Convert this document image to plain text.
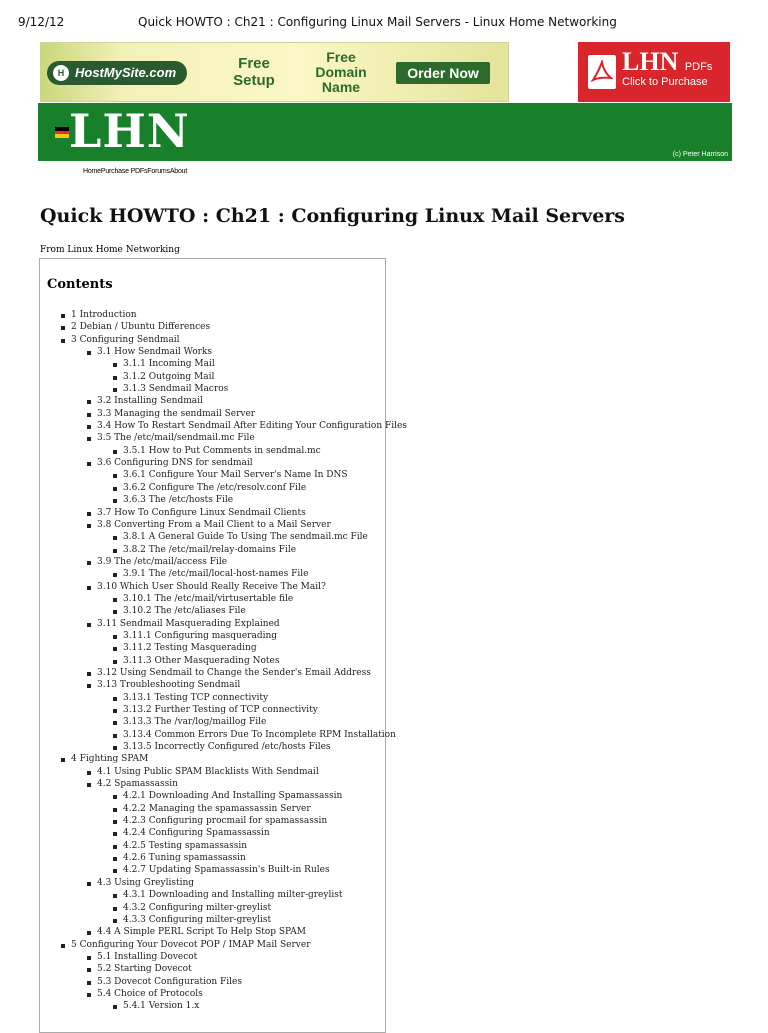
9/12/12	Quick HOWTO : Ch21 : Configuring Linux Mail Servers - Linux Home Networking
H HostMySite.com
Free Setup
Free Domain Name
Order Now	LHN PDFs
Click to Purchase
LHN	(c) Peter Harrison
HomePurchase PDFsForumsAbout
Quick HOWTO : Ch21 : Configuring Linux Mail Servers
From Linux Home Networking
Contents
1 Introduction
2 Debian / Ubuntu Differences
3 Configuring Sendmail
3.1 How Sendmail Works
3.1.1 Incoming Mail
3.1.2 Outgoing Mail
3.1.3 Sendmail Macros
3.2 Installing Sendmail
3.3 Managing the sendmail Server
3.4 How To Restart Sendmail After Editing Your Configuration Files
3.5 The /etc/mail/sendmail.mc File
3.5.1 How to Put Comments in sendmal.mc
3.6 Configuring DNS for sendmail
3.6.1 Configure Your Mail Server's Name In DNS
3.6.2 Configure The /etc/resolv.conf File
3.6.3 The /etc/hosts File
3.7 How To Configure Linux Sendmail Clients
3.8 Converting From a Mail Client to a Mail Server
3.8.1 A General Guide To Using The sendmail.mc File
3.8.2 The /etc/mail/relay-domains File
3.9 The /etc/mail/access File
3.9.1 The /etc/mail/local-host-names File
3.10 Which User Should Really Receive The Mail?
3.10.1 The /etc/mail/virtusertable file
3.10.2 The /etc/aliases File
3.11 Sendmail Masquerading Explained
3.11.1 Configuring masquerading
3.11.2 Testing Masquerading
3.11.3 Other Masquerading Notes
3.12 Using Sendmail to Change the Sender's Email Address
3.13 Troubleshooting Sendmail
3.13.1 Testing TCP connectivity
3.13.2 Further Testing of TCP connectivity
3.13.3 The /var/log/maillog File
3.13.4 Common Errors Due To Incomplete RPM Installation
3.13.5 Incorrectly Configured /etc/hosts Files
4 Fighting SPAM
4.1 Using Public SPAM Blacklists With Sendmail
4.2 Spamassassin
4.2.1 Downloading And Installing Spamassassin
4.2.2 Managing the spamassassin Server
4.2.3 Configuring procmail for spamassassin
4.2.4 Configuring Spamassassin
4.2.5 Testing spamassassin
4.2.6 Tuning spamassassin
4.2.7 Updating Spamassassin's Built-in Rules
4.3 Using Greylisting
4.3.1 Downloading and Installing milter-greylist
4.3.2 Configuring milter-greylist
4.3.3 Configuring milter-greylist
4.4 A Simple PERL Script To Help Stop SPAM
5 Configuring Your Dovecot POP / IMAP Mail Server
5.1 Installing Dovecot
5.2 Starting Dovecot
5.3 Dovecot Configuration Files
5.4 Choice of Protocols
5.4.1 Version 1.x
